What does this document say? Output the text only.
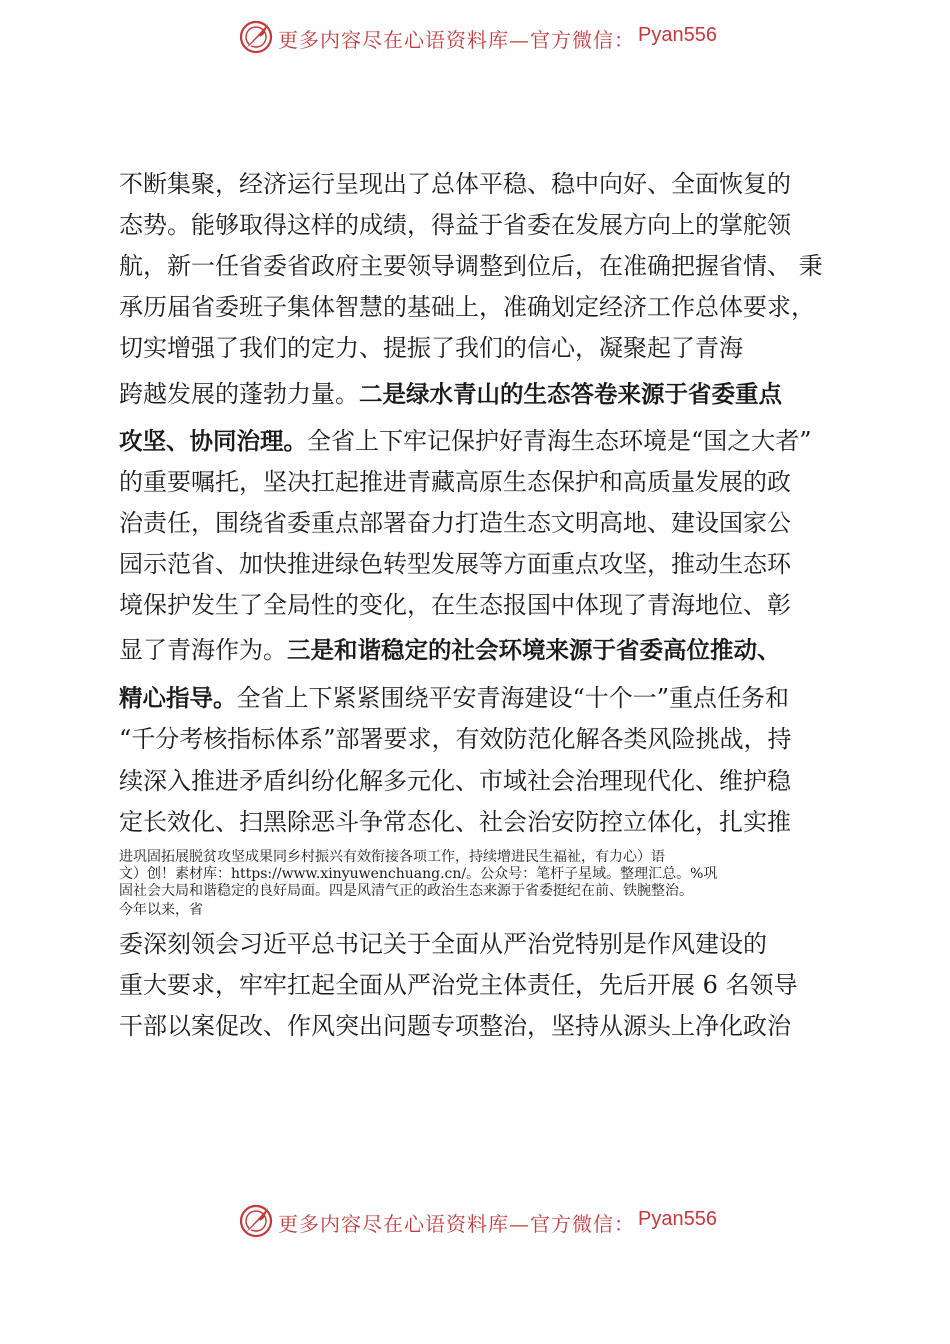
更多内容尽在心语资料库—官方微信： Pyan556
不断集聚，经济运行呈现出了总体平稳、稳中向好、全面恢复的
态势。能够取得这样的成绩，得益于省委在发展方向上的掌舵领
航，新一任省委省政府主要领导调整到位后，在准确把握省情、 秉
承历届省委班子集体智慧的基础上，准确划定经济工作总体要求，
切实增强了我们的定力、提振了我们的信心，凝聚起了青海
跨越发展的蓬勃力量。二是绿水青山的生态答卷来源于省委重点
攻坚、协同治理。全省上下牢记保护好青海生态环境是“国之大者”
的重要嘱托，坚决扛起推进青藏高原生态保护和高质量发展的政
治责任，围绕省委重点部署奋力打造生态文明高地、建设国家公
园示范省、加快推进绿色转型发展等方面重点攻坚，推动生态环
境保护发生了全局性的变化，在生态报国中体现了青海地位、彰
显了青海作为。三是和谐稳定的社会环境来源于省委高位推动、
精心指导。全省上下紧紧围绕平安青海建设“十个一”重点任务和
“千分考核指标体系”部署要求，有效防范化解各类风险挑战，持
续深入推进矛盾纠纷化解多元化、市域社会治理现代化、维护稳
定长效化、扫黑除恶斗争常态化、社会治安防控立体化，扎实推
进巩固拓展脱贫攻坚成果同乡村振兴有效衔接各项工作，持续增进民生福祉，有力心）语
文）创！素材库：https://www.xinyuwenchuang.cn/。公众号：笔杆子星域。整理汇总。%巩
固社会大局和谐稳定的良好局面。四是风清气正的政治生态来源于省委挺纪在前、铁腕整治。
今年以来，省
委深刻领会习近平总书记关于全面从严治党特别是作风建设的
重大要求，牢牢扛起全面从严治党主体责任，先后开展 6 名领导
干部以案促改、作风突出问题专项整治，坚持从源头上净化政治
更多内容尽在心语资料库—官方微信： Pyan556
